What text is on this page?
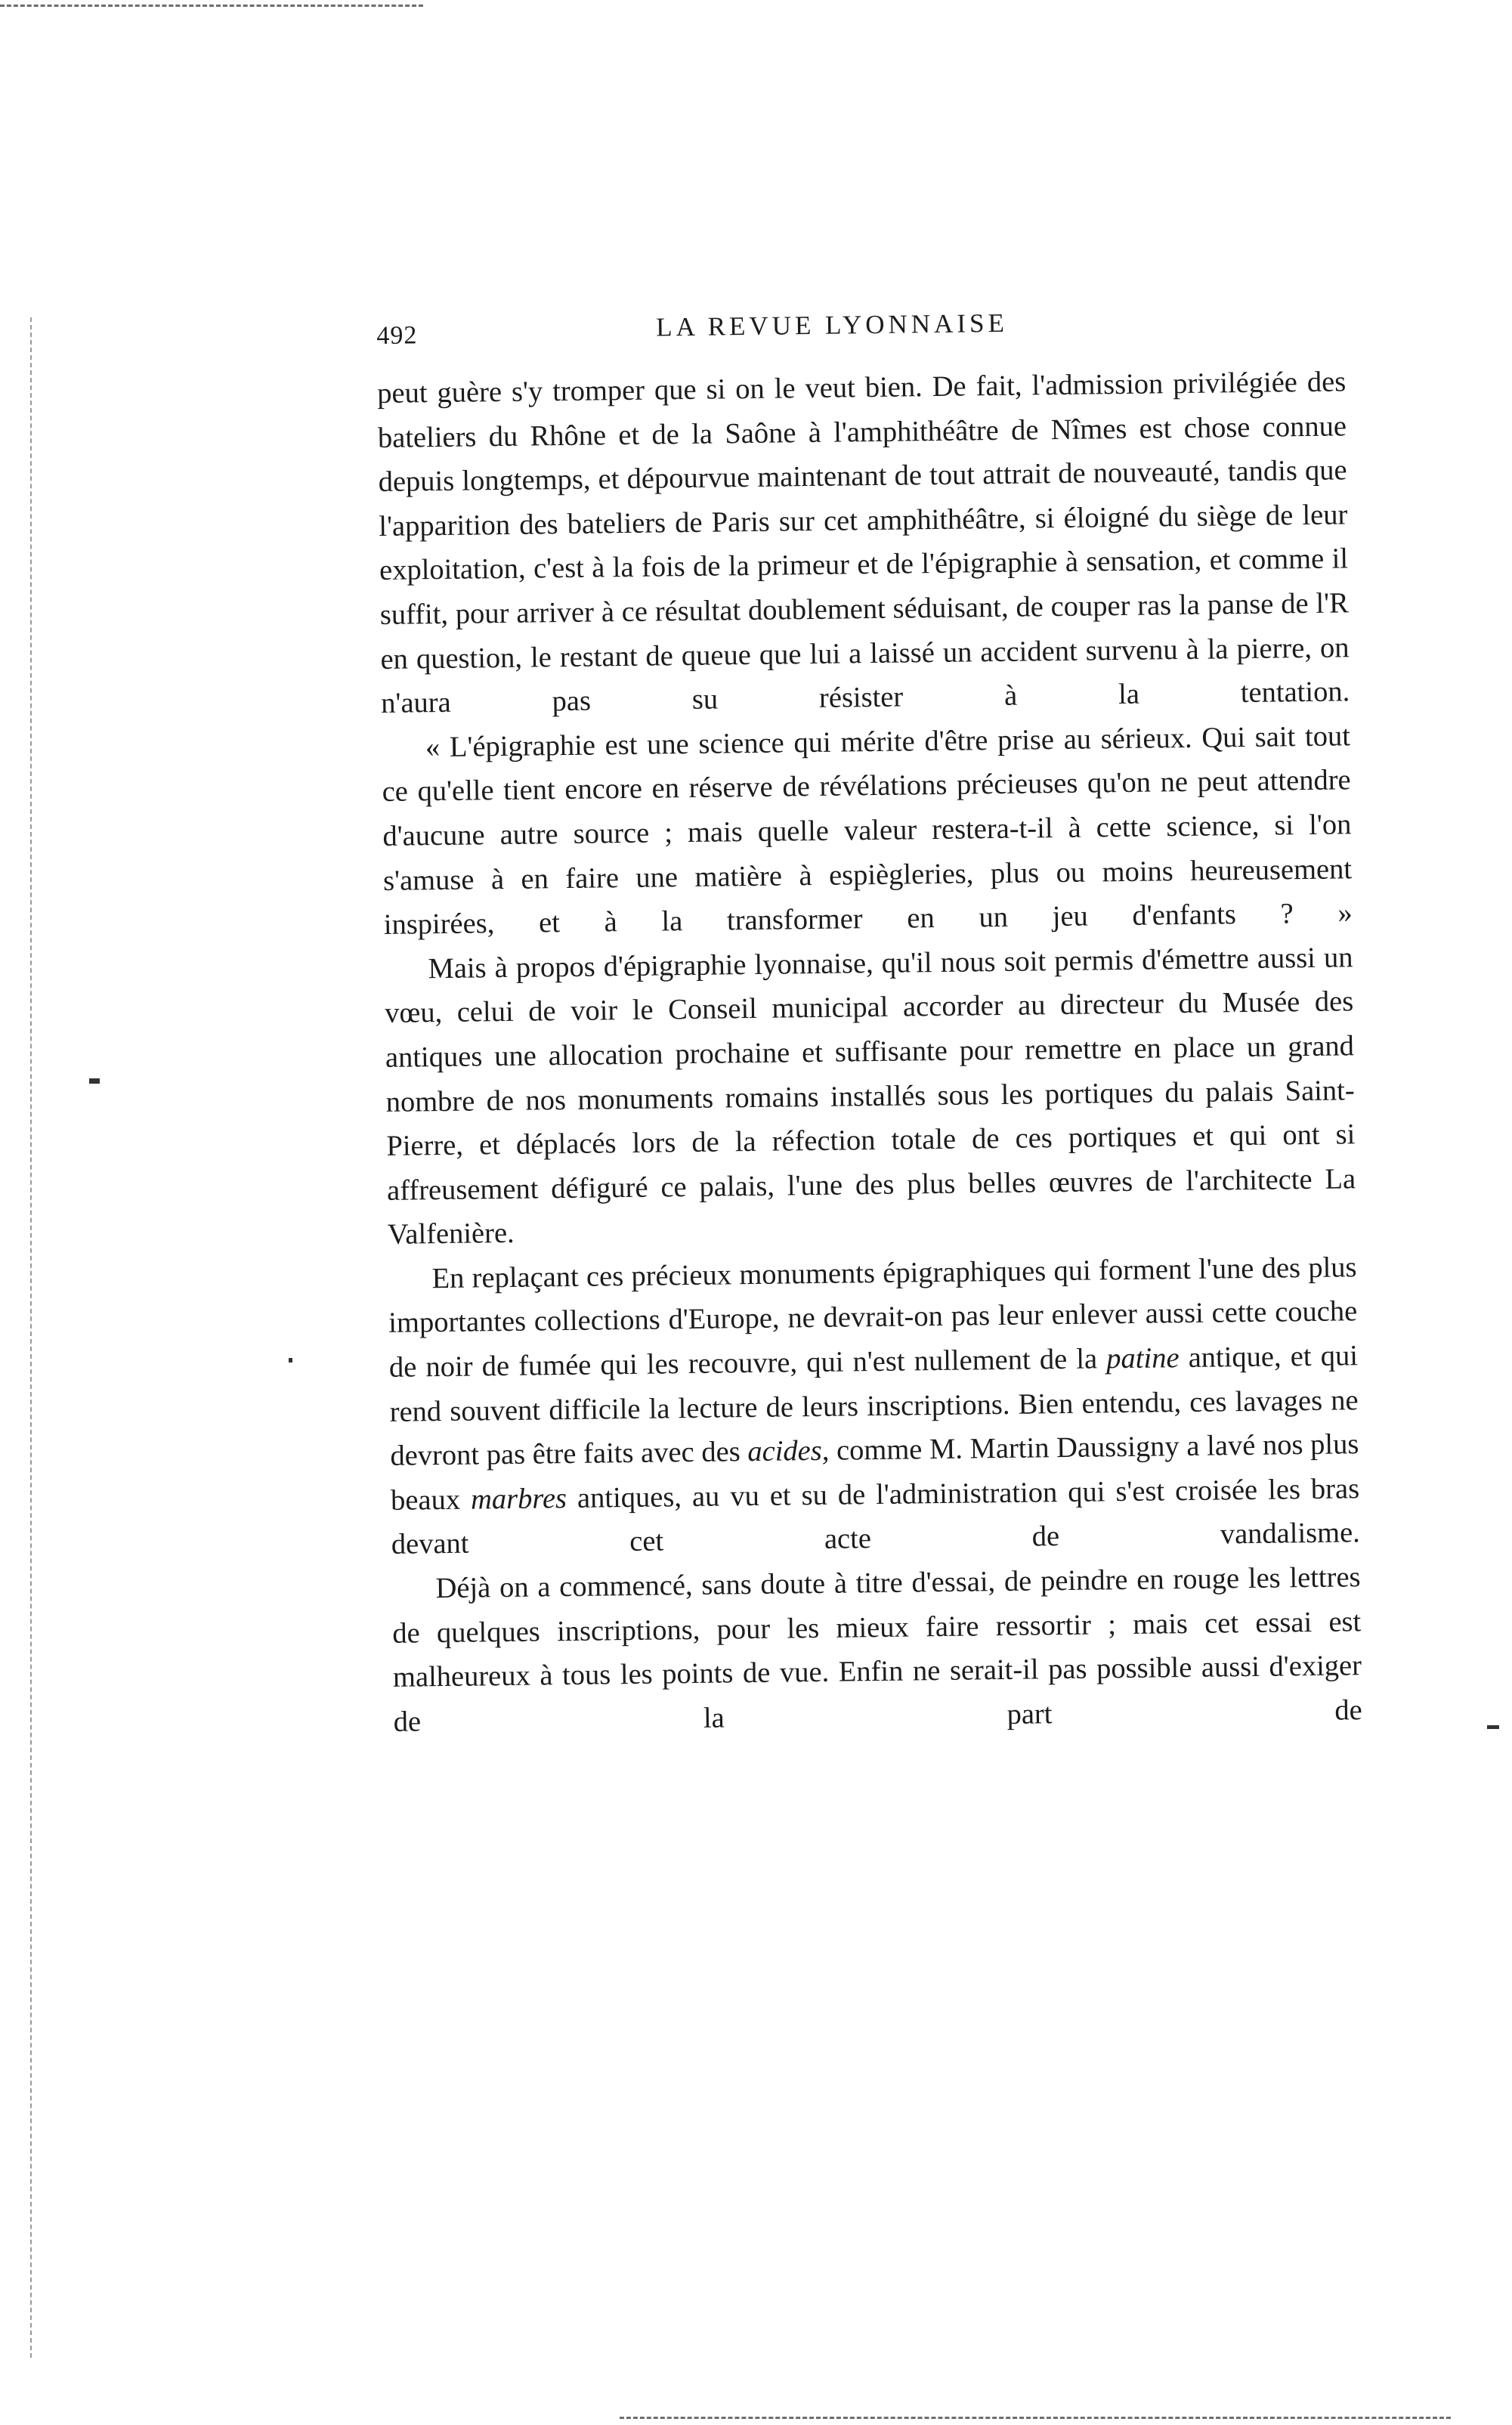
492	LA REVUE LYONNAISE

peut guère s'y tromper que si on le veut bien. De fait, l'admission privilégiée des bateliers du Rhône et de la Saône à l'amphithéâtre de Nîmes est chose connue depuis longtemps, et dépourvue maintenant de tout attrait de nouveauté, tandis que l'apparition des bateliers de Paris sur cet amphithéâtre, si éloigné du siège de leur exploitation, c'est à la fois de la primeur et de l'épigraphie à sensation, et comme il suffit, pour arriver à ce résultat doublement séduisant, de couper ras la panse de l'R en question, le restant de queue que lui a laissé un accident survenu à la pierre, on n'aura pas su résister à la tentation.

« L'épigraphie est une science qui mérite d'être prise au sérieux. Qui sait tout ce qu'elle tient encore en réserve de révélations précieuses qu'on ne peut attendre d'aucune autre source ; mais quelle valeur restera-t-il à cette science, si l'on s'amuse à en faire une matière à espiègleries, plus ou moins heureusement inspirées, et à la transformer en un jeu d'enfants ? »

Mais à propos d'épigraphie lyonnaise, qu'il nous soit permis d'émettre aussi un vœu, celui de voir le Conseil municipal accorder au directeur du Musée des antiques une allocation prochaine et suffisante pour remettre en place un grand nombre de nos monuments romains installés sous les portiques du palais Saint-Pierre, et déplacés lors de la réfection totale de ces portiques et qui ont si affreusement défiguré ce palais, l'une des plus belles œuvres de l'architecte La Valfenière.

En replaçant ces précieux monuments épigraphiques qui forment l'une des plus importantes collections d'Europe, ne devrait-on pas leur enlever aussi cette couche de noir de fumée qui les recouvre, qui n'est nullement de la patine antique, et qui rend souvent difficile la lecture de leurs inscriptions. Bien entendu, ces lavages ne devront pas être faits avec des acides, comme M. Martin Daussigny a lavé nos plus beaux marbres antiques, au vu et su de l'administration qui s'est croisée les bras devant cet acte de vandalisme.

Déjà on a commencé, sans doute à titre d'essai, de peindre en rouge les lettres de quelques inscriptions, pour les mieux faire ressortir ; mais cet essai est malheureux à tous les points de vue. Enfin ne serait-il pas possible aussi d'exiger de la part de
